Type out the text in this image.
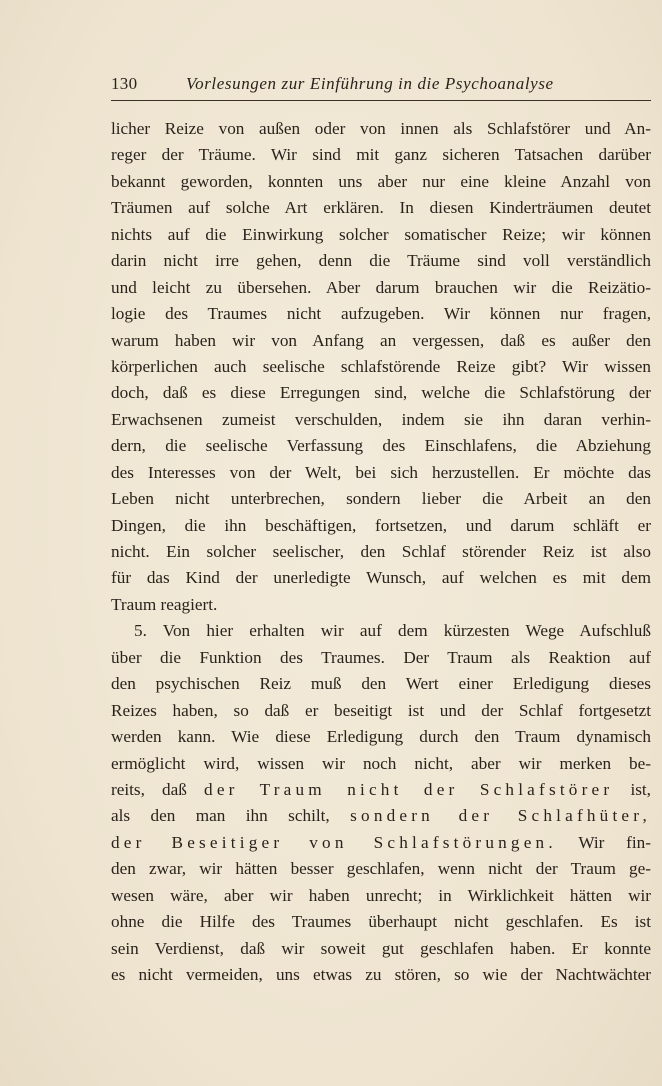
130	Vorlesungen zur Einführung in die Psychoanalyse
licher Reize von außen oder von innen als Schlafstörer und An-
reger der Träume. Wir sind mit ganz sicheren Tatsachen darüber
bekannt geworden, konnten uns aber nur eine kleine Anzahl von
Träumen auf solche Art erklären. In diesen Kinderträumen deutet
nichts auf die Einwirkung solcher somatischer Reize; wir können
darin nicht irre gehen, denn die Träume sind voll verständlich
und leicht zu übersehen. Aber darum brauchen wir die Reizätio-
logie des Traumes nicht aufzugeben. Wir können nur fragen,
warum haben wir von Anfang an vergessen, daß es außer den
körperlichen auch seelische schlafstörende Reize gibt? Wir wissen
doch, daß es diese Erregungen sind, welche die Schlafstörung der
Erwachsenen zumeist verschulden, indem sie ihn daran verhin-
dern, die seelische Verfassung des Einschlafens, die Abziehung
des Interesses von der Welt, bei sich herzustellen. Er möchte das
Leben nicht unterbrechen, sondern lieber die Arbeit an den
Dingen, die ihn beschäftigen, fortsetzen, und darum schläft er
nicht. Ein solcher seelischer, den Schlaf störender Reiz ist also
für das Kind der unerledigte Wunsch, auf welchen es mit dem
Traum reagiert.
5. Von hier erhalten wir auf dem kürzesten Wege Aufschluß
über die Funktion des Traumes. Der Traum als Reaktion auf
den psychischen Reiz muß den Wert einer Erledigung dieses
Reizes haben, so daß er beseitigt ist und der Schlaf fortgesetzt
werden kann. Wie diese Erledigung durch den Traum dynamisch
ermöglicht wird, wissen wir noch nicht, aber wir merken be-
reits, daß der Traum nicht der Schlafstörer ist,
als den man ihn schilt, sondern der Schlafhüter,
der Beseitiger von Schlafstörungen. Wir fin-
den zwar, wir hätten besser geschlafen, wenn nicht der Traum ge-
wesen wäre, aber wir haben unrecht; in Wirklichkeit hätten wir
ohne die Hilfe des Traumes überhaupt nicht geschlafen. Es ist
sein Verdienst, daß wir soweit gut geschlafen haben. Er konnte
es nicht vermeiden, uns etwas zu stören, so wie der Nachtwächter
